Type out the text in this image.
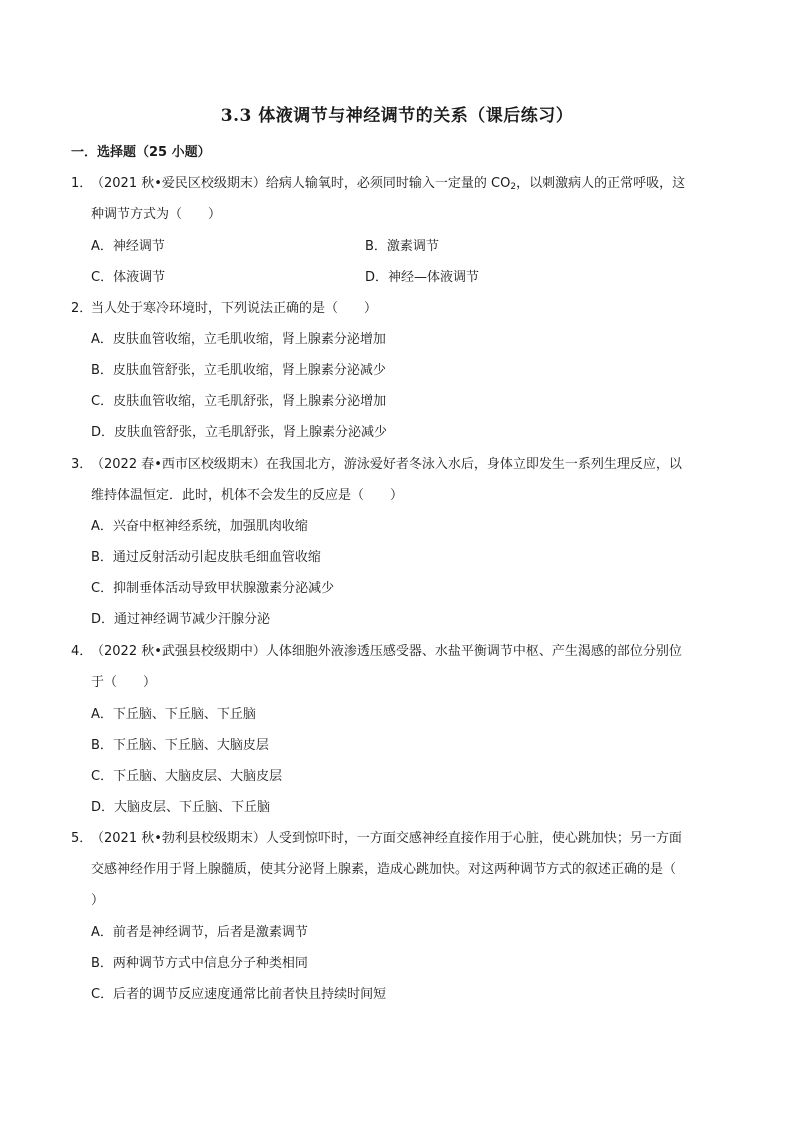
3.3 体液调节与神经调节的关系（课后练习）
一．选择题（25 小题）
1．（2021 秋•爱民区校级期末）给病人输氧时，必须同时输入一定量的 $CO_2$，以刺激病人的正常呼吸，这
种调节方式为（　　）
A．神经调节	B．激素调节
C．体液调节	D．神经—体液调节
2．当人处于寒冷环境时，下列说法正确的是（　　）
A．皮肤血管收缩，立毛肌收缩，肾上腺素分泌增加
B．皮肤血管舒张，立毛肌收缩，肾上腺素分泌减少
C．皮肤血管收缩，立毛肌舒张，肾上腺素分泌增加
D．皮肤血管舒张，立毛肌舒张，肾上腺素分泌减少
3．（2022 春•西市区校级期末）在我国北方，游泳爱好者冬泳入水后，身体立即发生一系列生理反应，以
维持体温恒定．此时，机体不会发生的反应是（　　）
A．兴奋中枢神经系统，加强肌肉收缩
B．通过反射活动引起皮肤毛细血管收缩
C．抑制垂体活动导致甲状腺激素分泌减少
D．通过神经调节减少汗腺分泌
4．（2022 秋•武强县校级期中）人体细胞外液渗透压感受器、水盐平衡调节中枢、产生渴感的部位分别位
于（　　）
A．下丘脑、下丘脑、下丘脑
B．下丘脑、下丘脑、大脑皮层
C．下丘脑、大脑皮层、大脑皮层
D．大脑皮层、下丘脑、下丘脑
5．（2021 秋•勃利县校级期末）人受到惊吓时，一方面交感神经直接作用于心脏，使心跳加快；另一方面
交感神经作用于肾上腺髓质，使其分泌肾上腺素，造成心跳加快。对这两种调节方式的叙述正确的是（
）
A．前者是神经调节，后者是激素调节
B．两种调节方式中信息分子种类相同
C．后者的调节反应速度通常比前者快且持续时间短
